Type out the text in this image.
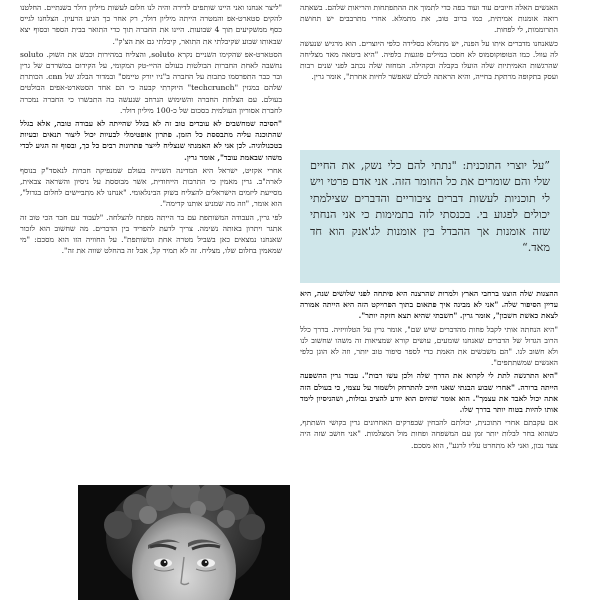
"ליצר אנחנו ואני היינו שותפים לדירה והיה לנו חלום לעשות מיליון דולר בשנתיים. החלטנו להקים סטארט-אפ והמטרה הייתה מיליון דולר, רק אחר כך הגיע הרעיון. הצלחנו לגייס כסף ממשקיעים תוך 4 שבועות. היינו את החברה תוך כדי התואר בבית הספר ובסוף יצא שבאותו שבוע שקיבלתי את התואר, קיבלתי גם את הצ'ק".

הסטארט-אפ שהקימו השניים נקרא soluto, והצליח במהירות וכבש את השוק. soluto נחשבה לאחת החברות הבולטות בעולם ההיי-טק המקומי, על הקידום במשרדם של גרין ובר כבר התפרסמו כתבות על החברה ב"ניו יורק טיימס" ובמדור הבלוג של cnn. הכותרת שלהם במגזין "techcrunch" היוקרתי קבעה כי הם אחד הסטארט-אפים הבולטים בעולם. עם הצלחת החברה והשימוש הנרחב שנעשה בה התבשרו כי החברה נמכרה לחברת אסוריון העולמית בסכום של כ-100 מיליון דולר.

"הסיבה שמחשבים לא עובדים טוב זה לא בגלל שהייתה לא עבודה טובה, אלא בגלל שהתוכנה עליה מתבססת כל הזמן. פתרון אופטימלי לבעיות יכול ליצור תנאים ובעיות בטכנולוגיה. לכן אני לא האמנתי שנצליח לייצר פתרונות רבים כל כך, ובסוף זה הגיע לכדי משהו שבאמת עובד", אומר גרין.

אחרי אקזיט, ישראל היא המדינה השנייה בעולם שמנפיקה חברות לנאסד"ק בנוסף לארה"ב. גרין מאמין כי התרבות הייחודית, אשר מבוססת על ניסיון והשראה צבאית, מסייעת ליזמים הישראלים להצליח בשוק הבינלאומי. "אנחנו לא מתביישים לחלום בגדול", הוא אומר, "וזה מה שמניע אותנו קדימה".

לפי גרין, העבודה המשותפת עם בר הייתה מפתח להצלחה. "לעבוד עם חבר הכי טוב זה אתגר ויתרון באותה נשימה. צריך לדעת להפריד בין הדברים. מה שחשוב הוא לזכור שאנחנו נמצאים כאן בשביל מטרה אחת ומשותפת". על החוויה הזו הוא מסכם: "מי שמאמין בחלום שלו, מצליח. זה לא תמיד קל, אבל זה בהחלט שווה את זה".

האנשים האלה חיובים עוד ועוד בפה כדי לתמוך את ההתפתחות והריאות שלהם. בשאתה רואה אומנות אמיתית, כמו ברוב טוב, את מתמלא. אחרי מתרבבים יש תחושת התרוממות, לי לפחות.

כשאנחנו מדברים איתו על הפנה, יש מתמלא בסלידה כלפי היוצרים. הוא מרגיש שנעשה לה עוול. כמו הטופוקוסמוס לא חסכו במילים פוגעות כלפיה. "היא ביטאה מאד מצליחה שהרגשות האמיתיות שלה הועלו בקבלה ובקהילה. המחזה שלה נכתב לפני שנים רבות ועסק בתקופה מרתקת בחייה, והיא הראתה לכולם שאפשר לחיות אחרת", אומר גרין.

ההצגות שלה הוצגו ברחבי הארץ ולמרות שהרצנה היא פיתחה לפני שלושים שנה, היא עדיין הסיפור שלה. "אני לא מבינה איך פתאום בתוך הפרויקט הזה היא הייתה אמורה לצאת כאשת חשבון", אומר גרין. "חשבתי שהיא תצא חזקה יותר".

"היא הנחתה אותי לקבל פחות מהדברים שיש שם", אומר גרין על הטלוויזיה. בדרך כלל הרוב הגדול של הדברים שאנחנו שומעים, עושים קורא שמציאות זה משהו שחשוב לנו ולא חשוב לנו. "הם משבשים את האמת כדי לספר סיפור טוב יותר, וזה לא הוגן כלפי האנשים שמשתתפים".

"היא התרגשה לתת לי לקרוא את הדרך שלה ולכן עשו רבות". עבור גרין ההשפעה הייתה ברורה. "אחרי שבוע הבנתי שאני חייב להתרחק ולשמור על עצמי, כי בעולם הזה אתה יכול לאבד את עצמך". הוא אומר שהיום הוא יודע להציב גבולות, ושהניסיון לימד אותו להיות בטוח יותר בדרך שלו.

אם עקבתם אחרי התוכנית, יכולתם להבחין שבפרקים האחרונים גרין בקושי השתתף, כשהוא בחר לבלות יותר זמן עם המשפחה ופחות מול המצלמות. "אני חושב שזה היה צעד נכון, ואני לא מתחרט עליו לרגע", הוא מסכם.

” על יוצרי התוכנית: "נתתי להם כלי נשק, את החיים שלי והם שומרים את כל החומר הזה. אני אדם פרטי ויש לי תוכניות לעשות דברים ציבוריים והדברים שצילמתי יכולים לפגוע בי. בכנסתי לזה בתמימות כי אני הנחתי שזה אומנות אך ההבדל בין אומנות לג'אנק הוא חד מאד. “
